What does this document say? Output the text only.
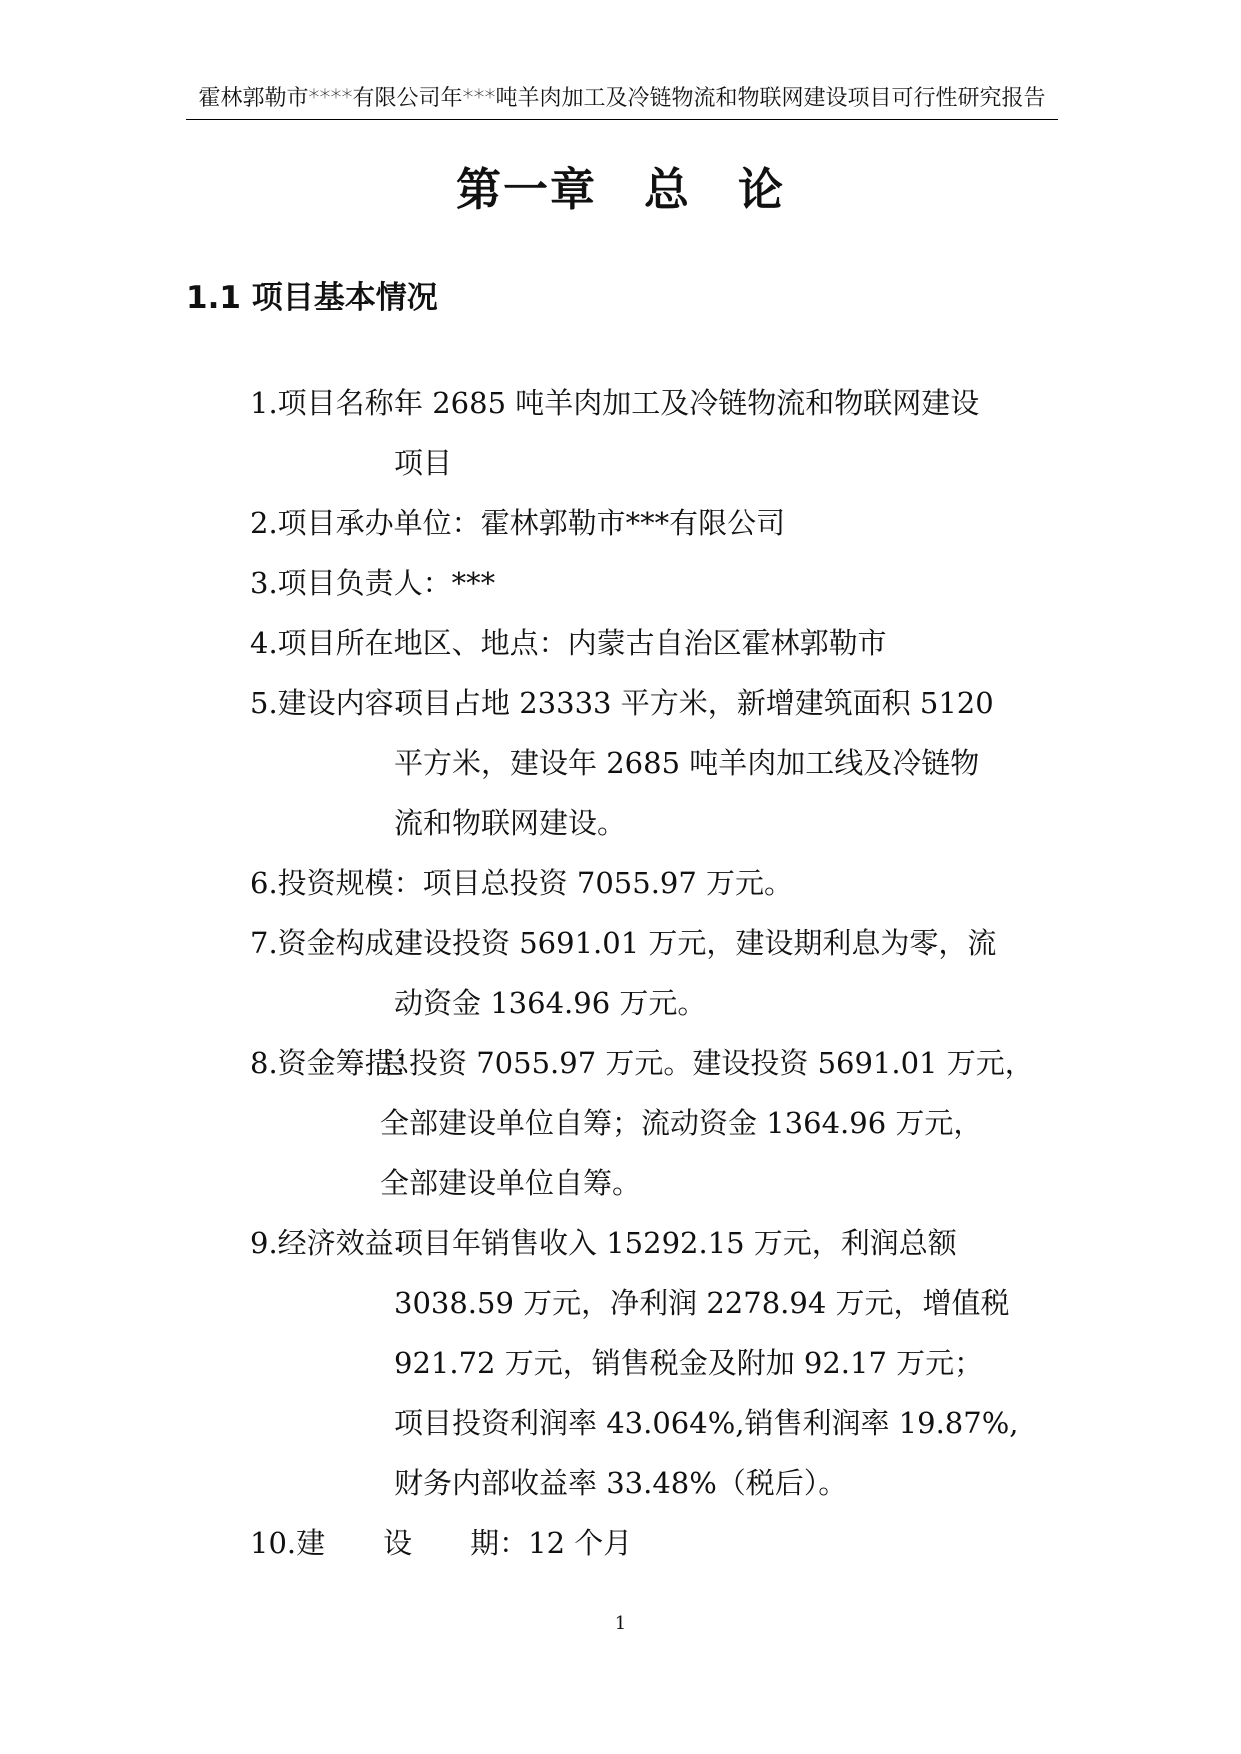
霍林郭勒市****有限公司年***吨羊肉加工及冷链物流和物联网建设项目可行性研究报告
第一章　总　论
1.1 项目基本情况
1.项目名称：
年 2685 吨羊肉加工及冷链物流和物联网建设
项目
2.项目承办单位： 霍林郭勒市***有限公司
3.项目负责人： ***
4.项目所在地区、地点： 内蒙古自治区霍林郭勒市
5.建设内容：
项目占地 23333 平方米，新增建筑面积 5120
平方米，建设年 2685 吨羊肉加工线及冷链物
流和物联网建设。
6.投资规模： 项目总投资 7055.97 万元。
7.资金构成：
建设投资 5691.01 万元，建设期利息为零，流
动资金 1364.96 万元。
8.资金筹措：
总投资 7055.97 万元。建设投资 5691.01 万元，
全部建设单位自筹；流动资金 1364.96 万元，
全部建设单位自筹。
9.经济效益：
项目年销售收入 15292.15 万元，利润总额
3038.59 万元，净利润 2278.94 万元，增值税
921.72 万元，销售税金及附加 92.17 万元；
项目投资利润率 43.064%,销售利润率 19.87%,
财务内部收益率 33.48%（税后）。
10.建　　设　　期： 12 个月
1
